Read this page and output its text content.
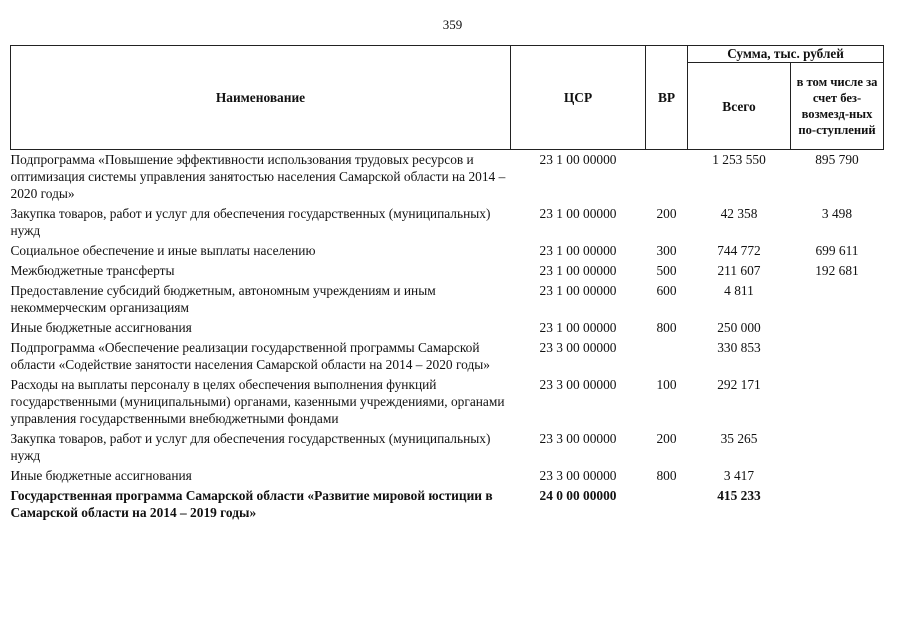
359
Наименование	ЦСР	ВР	Сумма, тыс. рублей	
			Всего	в том числе за счет без-возмезд-ных по-ступлений
Подпрограмма «Повышение эффективности использования трудовых ресурсов и оптимизация системы управления занятостью населения Самарской области на 2014 – 2020 годы»	23 1 00 00000		1 253 550	895 790
Закупка товаров, работ и услуг для обеспечения государственных (муниципальных) нужд	23 1 00 00000	200	42 358	3 498
Социальное обеспечение и иные выплаты населению	23 1 00 00000	300	744 772	699 611
Межбюджетные трансферты	23 1 00 00000	500	211 607	192 681
Предоставление субсидий бюджетным, автономным учреждениям и иным некоммерческим организациям	23 1 00 00000	600	4 811	
Иные бюджетные ассигнования	23 1 00 00000	800	250 000	
Подпрограмма «Обеспечение реализации государственной программы Самарской области «Содействие занятости населения Самарской области на 2014 – 2020 годы»	23 3 00 00000		330 853	
Расходы на выплаты персоналу в целях обеспечения выполнения функций государственными (муниципальными) органами, казенными учреждениями, органами управления государственными внебюджетными фондами	23 3 00 00000	100	292 171	
Закупка товаров, работ и услуг для обеспечения государственных (муниципальных) нужд	23 3 00 00000	200	35 265	
Иные бюджетные ассигнования	23 3 00 00000	800	3 417	
Государственная программа Самарской области «Развитие мировой юстиции в Самарской области на 2014 – 2019 годы»	24 0 00 00000		415 233	
